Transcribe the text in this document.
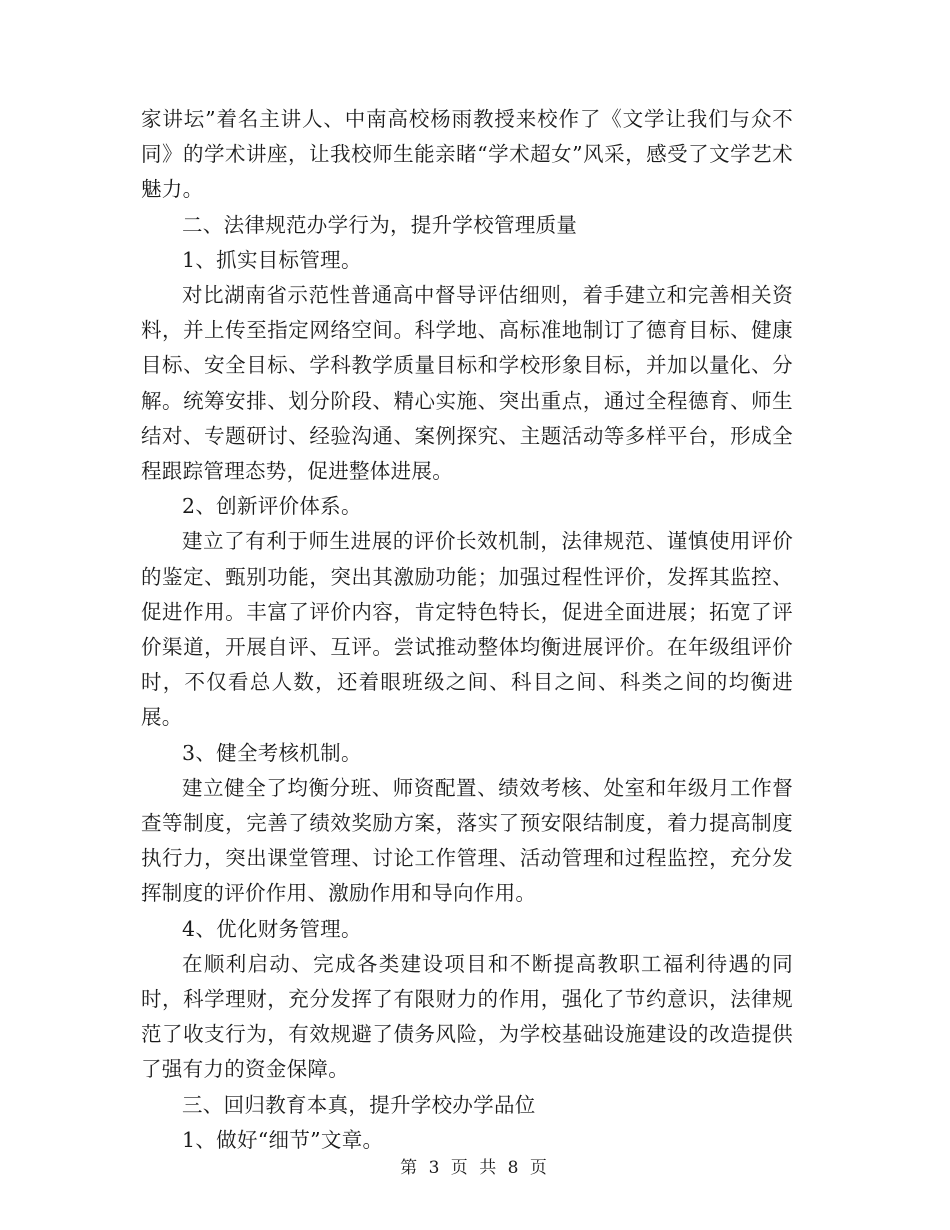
家讲坛”着名主讲人、中南高校杨雨教授来校作了《文学让我们与众不同》的学术讲座，让我校师生能亲睹“学术超女”风采，感受了文学艺术魅力。

二、法律规范办学行为，提升学校管理质量

1、抓实目标管理。

对比湖南省示范性普通高中督导评估细则，着手建立和完善相关资料，并上传至指定网络空间。科学地、高标准地制订了德育目标、健康目标、安全目标、学科教学质量目标和学校形象目标，并加以量化、分解。统筹安排、划分阶段、精心实施、突出重点，通过全程德育、师生结对、专题研讨、经验沟通、案例探究、主题活动等多样平台，形成全程跟踪管理态势，促进整体进展。

2、创新评价体系。

建立了有利于师生进展的评价长效机制，法律规范、谨慎使用评价的鉴定、甄别功能，突出其激励功能；加强过程性评价，发挥其监控、促进作用。丰富了评价内容，肯定特色特长，促进全面进展；拓宽了评价渠道，开展自评、互评。尝试推动整体均衡进展评价。在年级组评价时，不仅看总人数，还着眼班级之间、科目之间、科类之间的均衡进展。

3、健全考核机制。

建立健全了均衡分班、师资配置、绩效考核、处室和年级月工作督查等制度，完善了绩效奖励方案，落实了预安限结制度，着力提高制度执行力，突出课堂管理、讨论工作管理、活动管理和过程监控，充分发挥制度的评价作用、激励作用和导向作用。

4、优化财务管理。

在顺利启动、完成各类建设项目和不断提高教职工福利待遇的同时，科学理财，充分发挥了有限财力的作用，强化了节约意识，法律规范了收支行为，有效规避了债务风险，为学校基础设施建设的改造提供了强有力的资金保障。

三、回归教育本真，提升学校办学品位

1、做好“细节”文章。

第 3 页 共 8 页
